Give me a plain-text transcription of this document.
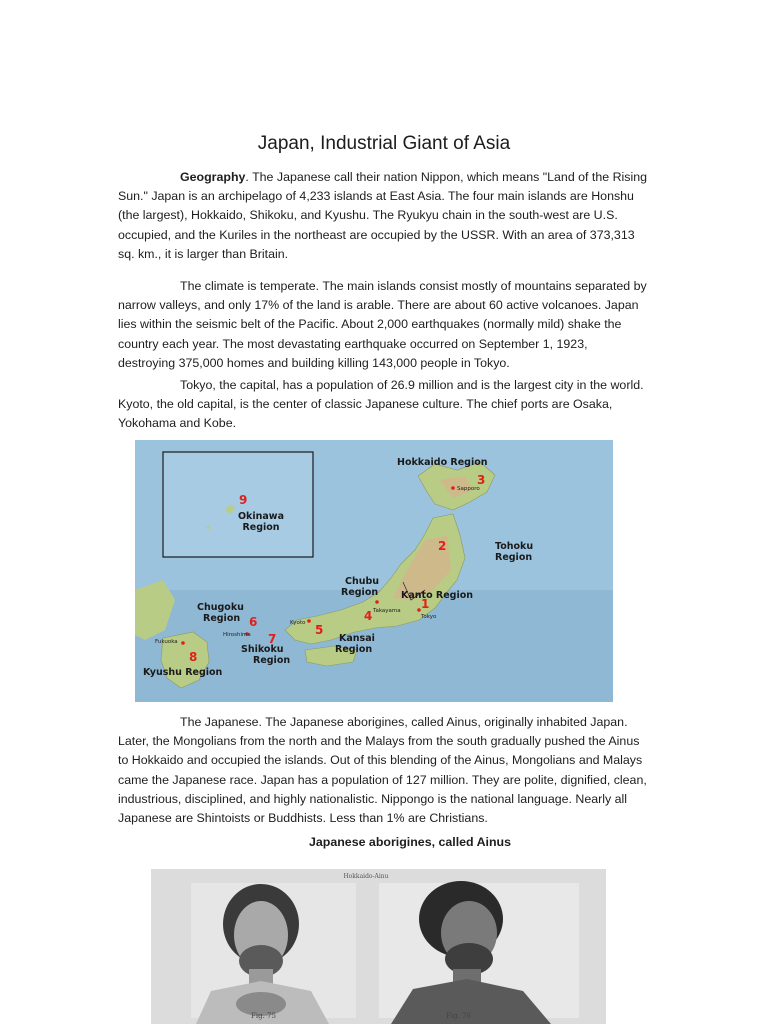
Japan, Industrial Giant of Asia

Geography. The Japanese call their nation Nippon, which means "Land of the Rising Sun." Japan is an archipelago of 4,233 islands at East Asia. The four main islands are Honshu (the largest), Hokkaido, Shikoku, and Kyushu. The Ryukyu chain in the south-west are U.S. occupied, and the Kuriles in the northeast are occupied by the USSR. With an area of 373,313 sq. km., it is larger than Britain.

The climate is temperate. The main islands consist mostly of mountains separated by narrow valleys, and only 17% of the land is arable. There are about 60 active volcanoes. Japan lies within the seismic belt of the Pacific. About 2,000 earthquakes (normally mild) shake the country each year. The most devastating earthquake occurred on September 1, 1923, destroying 375,000 homes and building killing 143,000 people in Tokyo.

Tokyo, the capital, has a population of 26.9 million and is the largest city in the world. Kyoto, the old capital, is the center of classic Japanese culture. The chief ports are Osaka, Yokohama and Kobe.

Hokkaido Region
Okinawa
Region
Tohoku
Region
Chubu
Region Kanto Region
Chugoku
Region
Kansai
Region
Shikoku
Region
Kyushu Region
3
9
2
1
4
6
5
7
8
Sapporo
Tokyo
Takayama
Kyoto
Hiroshima
Fukuoka

The Japanese. The Japanese aborigines, called Ainus, originally inhabited Japan. Later, the Mongolians from the north and the Malays from the south gradually pushed the Ainus to Hokkaido and occupied the islands. Out of this blending of the Ainus, Mongolians and Malays came the Japanese race. Japan has a population of 127 million. They are polite, dignified, clean, industrious, disciplined, and highly nationalistic. Nippongo is the national language. Nearly all Japanese are Shintoists or Buddhists. Less than 1% are Christians.

Japanese aborigines, called Ainus
Hokkaido-Ainu
Fig. 75	Fig. 76
